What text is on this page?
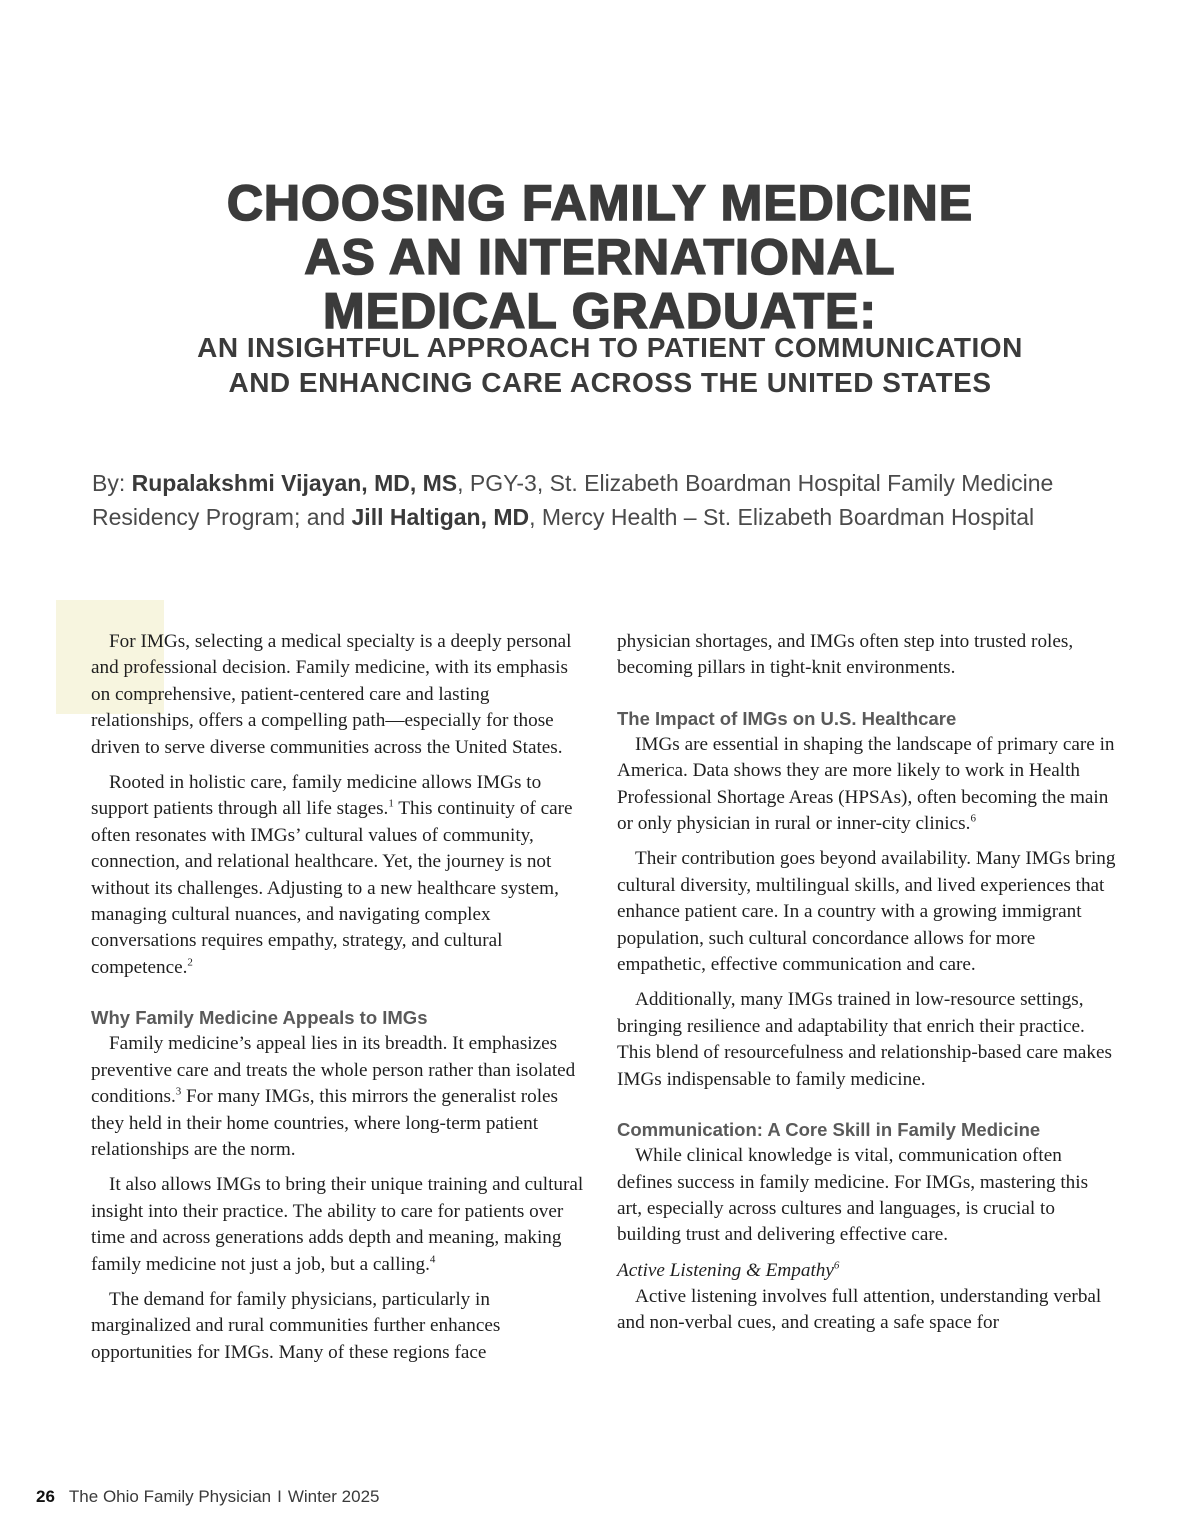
CHOOSING FAMILY MEDICINE
AS AN INTERNATIONAL
MEDICAL GRADUATE:
AN INSIGHTFUL APPROACH TO PATIENT COMMUNICATION
AND ENHANCING CARE ACROSS THE UNITED STATES

By: Rupalakshmi Vijayan, MD, MS, PGY-3, St. Elizabeth Boardman Hospital Family Medicine Residency Program; and Jill Haltigan, MD, Mercy Health – St. Elizabeth Boardman Hospital

For IMGs, selecting a medical specialty is a deeply personal and professional decision. Family medicine, with its emphasis on comprehensive, patient-centered care and lasting relationships, offers a compelling path—especially for those driven to serve diverse communities across the United States.

Rooted in holistic care, family medicine allows IMGs to support patients through all life stages.$^1$ This continuity of care often resonates with IMGs’ cultural values of community, connection, and relational healthcare. Yet, the journey is not without its challenges. Adjusting to a new healthcare system, managing cultural nuances, and navigating complex conversations requires empathy, strategy, and cultural competence.$^2$

Why Family Medicine Appeals to IMGs

Family medicine’s appeal lies in its breadth. It emphasizes preventive care and treats the whole person rather than isolated conditions.$^3$ For many IMGs, this mirrors the generalist roles they held in their home countries, where long-term patient relationships are the norm.

It also allows IMGs to bring their unique training and cultural insight into their practice. The ability to care for patients over time and across generations adds depth and meaning, making family medicine not just a job, but a calling.$^4$

The demand for family physicians, particularly in marginalized and rural communities further enhances opportunities for IMGs. Many of these regions face

physician shortages, and IMGs often step into trusted roles, becoming pillars in tight-knit environments.

The Impact of IMGs on U.S. Healthcare

IMGs are essential in shaping the landscape of primary care in America. Data shows they are more likely to work in Health Professional Shortage Areas (HPSAs), often becoming the main or only physician in rural or inner-city clinics.$^6$

Their contribution goes beyond availability. Many IMGs bring cultural diversity, multilingual skills, and lived experiences that enhance patient care. In a country with a growing immigrant population, such cultural concordance allows for more empathetic, effective communication and care.

Additionally, many IMGs trained in low-resource settings, bringing resilience and adaptability that enrich their practice. This blend of resourcefulness and relationship-based care makes IMGs indispensable to family medicine.

Communication: A Core Skill in Family Medicine

While clinical knowledge is vital, communication often defines success in family medicine. For IMGs, mastering this art, especially across cultures and languages, is crucial to building trust and delivering effective care.

Active Listening & Empathy$^6$

Active listening involves full attention, understanding verbal and non-verbal cues, and creating a safe space for

26 The Ohio Family Physician I Winter 2025
